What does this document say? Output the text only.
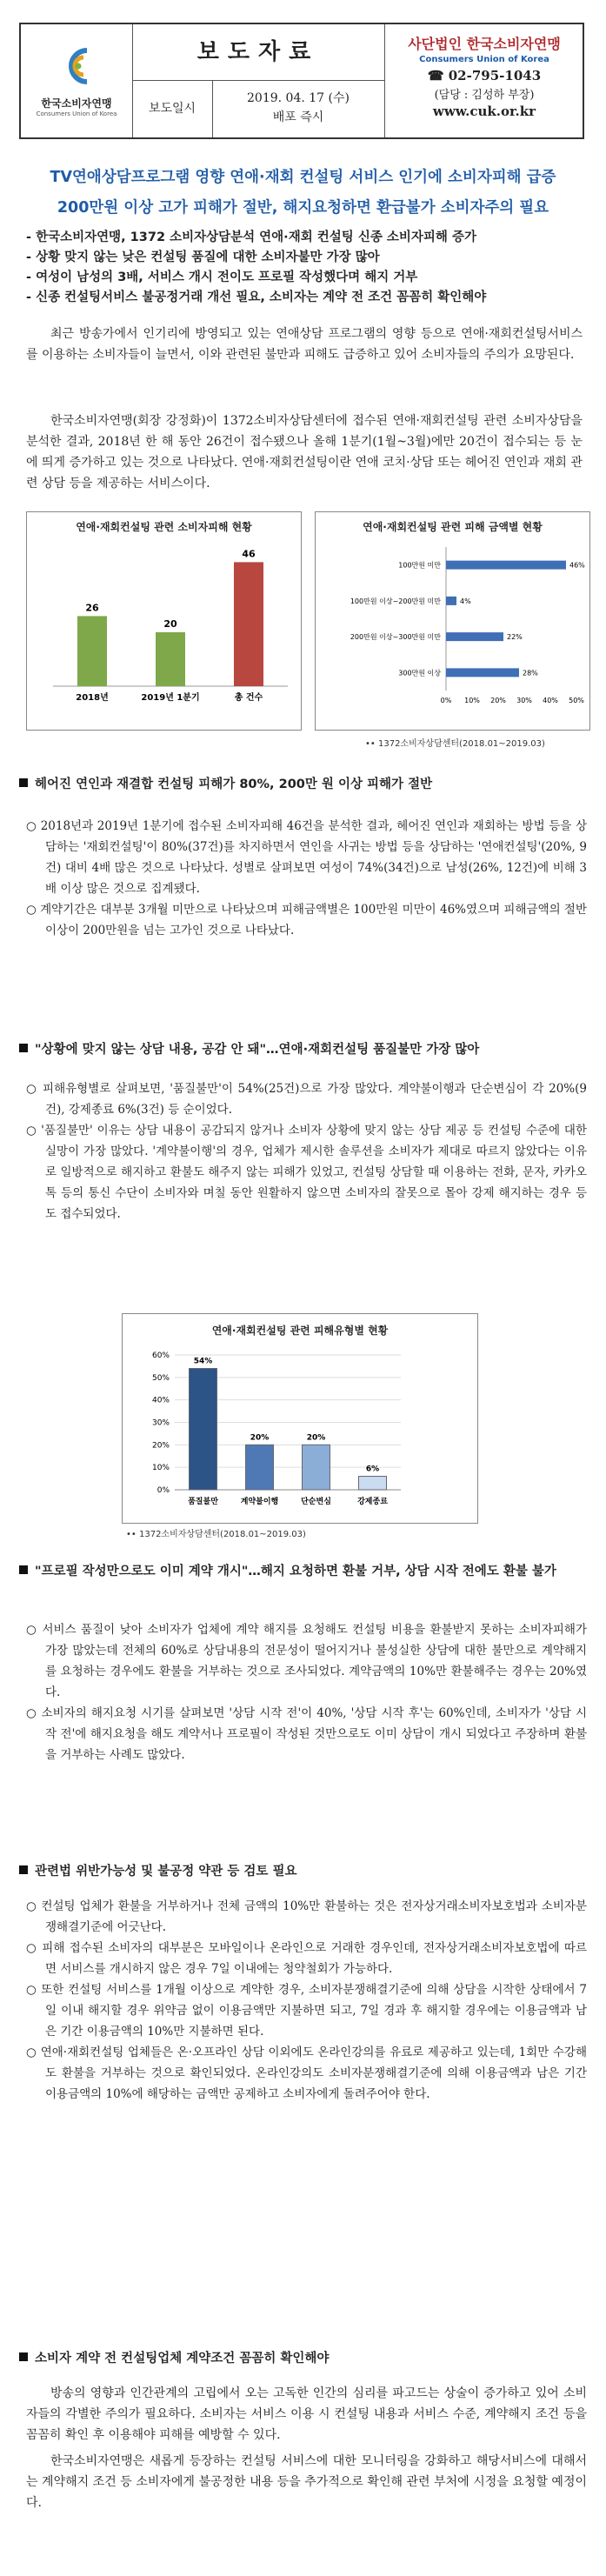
한국소비자연맹
Consumers Union of Korea
보도자료
보도일시
2019. 04. 17 (수)
배포 즉시
사단법인 한국소비자연맹
Consumers Union of Korea
☎ 02-795-1043
(담당 : 김성하 부장)
www.cuk.or.kr
TV연애상담프로그램 영향 연애·재회 컨설팅 서비스 인기에 소비자피해 급증
200만원 이상 고가 피해가 절반, 해지요청하면 환급불가 소비자주의 필요
- 한국소비자연맹, 1372 소비자상담분석 연애·재회 컨설팅 신종 소비자피해 증가
- 상황 맞지 않는 낮은 컨설팅 품질에 대한 소비자불만 가장 많아
- 여성이 남성의 3배, 서비스 개시 전이도 프로필 작성했다며 해지 거부
- 신종 컨설팅서비스 불공정거래 개선 필요, 소비자는 계약 전 조건 꼼꼼히 확인해야
최근 방송가에서 인기리에 방영되고 있는 연애상담 프로그램의 영향 등으로 연애·재회컨설팅서비스를 이용하는 소비자들이 늘면서, 이와 관련된 불만과 피해도 급증하고 있어 소비자들의 주의가 요망된다.
한국소비자연맹(회장 강정화)이 1372소비자상담센터에 접수된 연애·재회컨설팅 관련 소비자상담을 분석한 결과, 2018년 한 해 동안 26건이 접수됐으나 올해 1분기(1월~3월)에만 20건이 접수되는 등 눈에 띄게 증가하고 있는 것으로 나타났다. 연애·재회컨설팅이란 연애 코치·상담 또는 헤어진 연인과 재회 관련 상담 등을 제공하는 서비스이다.
연애·재회컨설팅 관련 소비자피해 현황
26
2018년
20
2019년 1분기
46
총 건수
연애·재회컨설팅 관련 피해 금액별 현황
0% 10% 20% 30% 40% 50%
100만원 미만	46%
100만원 이상~200만원 미만	4%
200만원 이상~300만원 미만	22%
300만원 이상	28%
•• 1372소비자상담센터(2018.01~2019.03)
헤어진 연인과 재결합 컨설팅 피해가 80%, 200만 원 이상 피해가 절반
○ 2018년과 2019년 1분기에 접수된 소비자피해 46건을 분석한 결과, 헤어진 연인과 재회하는 방법 등을 상담하는 '재회컨설팅'이 80%(37건)를 차지하면서 연인을 사귀는 방법 등을 상담하는 '연애컨설팅'(20%, 9건) 대비 4배 많은 것으로 나타났다. 성별로 살펴보면 여성이 74%(34건)으로 남성(26%, 12건)에 비해 3배 이상 많은 것으로 집계됐다.
○ 계약기간은 대부분 3개월 미만으로 나타났으며 피해금액별은 100만원 미만이 46%였으며 피해금액의 절반이상이 200만원을 넘는 고가인 것으로 나타났다.
"상황에 맞지 않는 상담 내용, 공감 안 돼"…연애·재회컨설팅 품질불만 가장 많아
○ 피해유형별로 살펴보면, '품질불만'이 54%(25건)으로 가장 많았다. 계약불이행과 단순변심이 각 20%(9건), 강제종료 6%(3건) 등 순이었다.
○ '품질불만' 이유는 상담 내용이 공감되지 않거나 소비자 상황에 맞지 않는 상담 제공 등 컨설팅 수준에 대한 실망이 가장 많았다. '계약불이행'의 경우, 업체가 제시한 솔루션을 소비자가 제대로 따르지 않았다는 이유로 일방적으로 해지하고 환불도 해주지 않는 피해가 있었고, 컨설팅 상담할 때 이용하는 전화, 문자, 카카오톡 등의 통신 수단이 소비자와 며칠 동안 원활하지 않으면 소비자의 잘못으로 몰아 강제 해지하는 경우 등도 접수되었다.
연애·재회컨설팅 관련 피해유형별 현황
0%
10%
20%
30%
40%
50%
60%
54%
품질불만
20%
계약불이행
20%
단순변심
6%
강제종료
•• 1372소비자상담센터(2018.01~2019.03)
"프로필 작성만으로도 이미 계약 개시"…해지 요청하면 환불 거부, 상담 시작 전에도 환불 불가
○ 서비스 품질이 낮아 소비자가 업체에 계약 해지를 요청해도 컨설팅 비용을 환불받지 못하는 소비자피해가 가장 많았는데 전체의 60%로 상담내용의 전문성이 떨어지거나 불성실한 상담에 대한 불만으로 계약해지를 요청하는 경우에도 환불을 거부하는 것으로 조사되었다. 계약금액의 10%만 환불해주는 경우는 20%였다.
○ 소비자의 해지요청 시기를 살펴보면 '상담 시작 전'이 40%, '상담 시작 후'는 60%인데, 소비자가 '상담 시작 전'에 해지요청을 해도 계약서나 프로필이 작성된 것만으로도 이미 상담이 개시 되었다고 주장하며 환불을 거부하는 사례도 많았다.
관련법 위반가능성 및 불공정 약관 등 검토 필요
○ 컨설팅 업체가 환불을 거부하거나 전체 금액의 10%만 환불하는 것은 전자상거래소비자보호법과 소비자분쟁해결기준에 어긋난다.
○ 피해 접수된 소비자의 대부분은 모바일이나 온라인으로 거래한 경우인데, 전자상거래소비자보호법에 따르면 서비스를 개시하지 않은 경우 7일 이내에는 청약철회가 가능하다.
○ 또한 컨설팅 서비스를 1개월 이상으로 계약한 경우, 소비자분쟁해결기준에 의해 상담을 시작한 상태에서 7일 이내 해지할 경우 위약금 없이 이용금액만 지불하면 되고, 7일 경과 후 해지할 경우에는 이용금액과 남은 기간 이용금액의 10%만 지불하면 된다.
○ 연애·재회컨설팅 업체들은 온·오프라인 상담 이외에도 온라인강의를 유료로 제공하고 있는데, 1회만 수강해도 환불을 거부하는 것으로 확인되었다. 온라인강의도 소비자분쟁해결기준에 의해 이용금액과 남은 기간 이용금액의 10%에 해당하는 금액만 공제하고 소비자에게 돌려주어야 한다.
소비자 계약 전 컨설팅업체 계약조건 꼼꼼히 확인해야
방송의 영향과 인간관계의 고립에서 오는 고독한 인간의 심리를 파고드는 상술이 증가하고 있어 소비자들의 각별한 주의가 필요하다. 소비자는 서비스 이용 시 컨설팅 내용과 서비스 수준, 계약해지 조건 등을 꼼꼼히 확인 후 이용해야 피해를 예방할 수 있다.
한국소비자연맹은 새롭게 등장하는 컨설팅 서비스에 대한 모니터링을 강화하고 해당서비스에 대해서는 계약해지 조건 등 소비자에게 불공정한 내용 등을 추가적으로 확인해 관련 부처에 시정을 요청할 예정이다.
